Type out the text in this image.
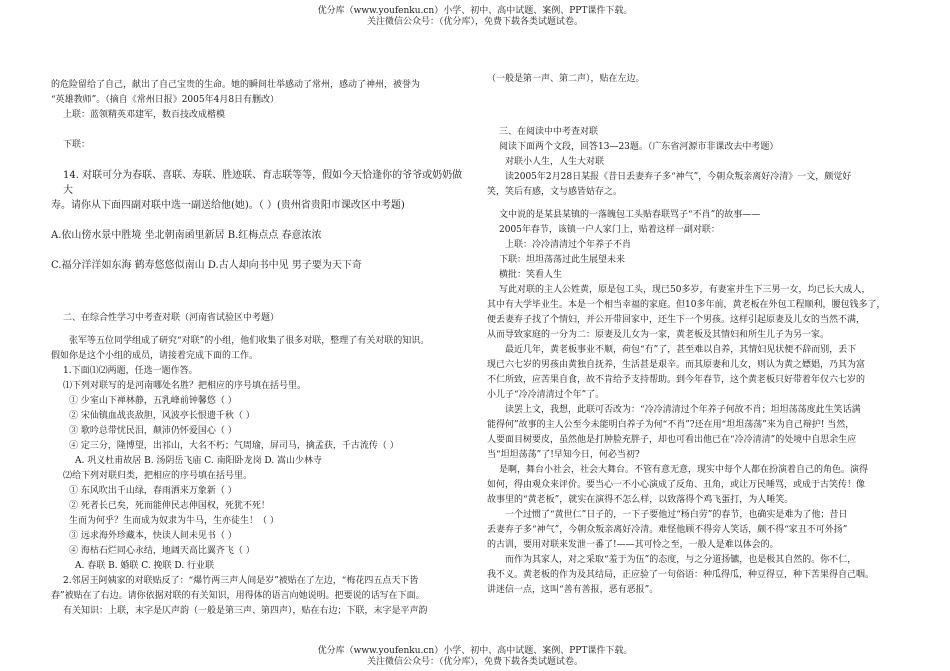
优分库（www.youfenku.cn）小学、初中、高中试题、案例、PPT课件下载。

关注微信公众号：（优分库），免费下载各类试题试卷。

的危险留给了自己，献出了自己宝贵的生命。她的瞬间壮举感动了常州，感动了神州，被誉为

“英雄教师”。（摘自《常州日报》2005年4月8日有删改）

上联：蓝领精英邓建军，数百技改成楷模

下联：

14. 对联可分为春联、喜联、寿联、胜迹联、育志联等等，假如今天恰逢你的爷爷或奶奶做大

寿。请你从下面四副对联中选一副送给他(她)。（ ）(贵州省贵阳市课改区中考题)

A.依山傍水景中胜境 坐北朝南函里新居 B.红梅点点 春意浓浓

C.福分洋洋如东海 鹤寿悠悠似南山 D.古人却向书中见 男子要为天下奇

二、在综合性学习中考查对联（河南省试验区中考题）

张军等五位同学组成了研究“对联”的小组，他们收集了很多对联，整理了有关对联的知识。

假如你是这个小组的成员，请接着完成下面的工作。

1.下面⑴⑵两题，任选一题作答。

⑴下列对联写的是河南哪处名胜？把相应的序号填在括号里。

① 少室山下禅林静，五乳峰前钟馨悠（ ）

② 宋仙镇血战丧敌胆，风波亭长恨遗千秋（ ）

③ 歌吟总带忧民泪，颠沛仍怀爱国心（ ）

④ 定三分，隆博望，出祁山，大名不朽；气周瑜，屏司马，擒孟获，千古流传（ ）

A. 巩义杜甫故居 B. 汤阴岳飞庙 C. 南阳卧龙岗 D. 嵩山少林寺

⑵给下列对联归类，把相应的序号填在括号里。

① 东风吹出千山绿，春雨洒来万象新（ ）

② 死者长已矣，死而能伸民志伸国权，死犹不死！

生而为何乎？生而成为奴隶为牛马，生亦徒生！（ ）

③ 远求海外珍藏本，快读人间未见书（ ）

④ 海枯石烂同心永结，地阔天高比翼齐飞（ ）

A. 春联 B. 婚联 C. 挽联 D. 行业联

2.邻居王阿姨家的对联贴反了：“爆竹两三声人间是岁”被贴在了左边，“梅花四五点天下皆

春”被贴在了右边。请你依据对联的有关知识，用得体的语言向她说明。把要说的话写在下面。

有关知识：上联，末字是仄声韵（一般是第三声、第四声），贴在右边；下联，末字是平声韵

（一般是第一声、第二声），贴在左边。

三、在阅读中中考查对联

阅读下面两个文段，回答13—23题。（广东省河源市非课改去中考题）

对联小人生，人生大对联

读2005年2月28日某报《昔日丢妻弃子多“神气”，今朝众叛亲离好冷清》一文，颇觉好

笑，笑后有感，文与感皆姑存之。

文中说的是某县某镇的一落魄包工头贴春联骂子“不肖”的故事——

2005年春节，该镇一户人家门上，贴着这样一副对联：

上联：冷冷清清过个年养子不肖

下联：坦坦荡荡过此生展望未来

横批：笑看人生

写此对联的主人公姓黄，原是包工头，现已50多岁，有妻室并生下三男一女，均已长大成人，

其中有大学毕业生。本是一个相当幸福的家庭。但10多年前，黄老板在外包工程顺利，腰包钱多了，

便丢妻弃子找了个情妇，并公开带回家中，还生下一个男孩。这样引起原妻及儿女的当然不满，

从而导致家庭的一分为二：原妻及儿女为一家，黄老板及其情妇和所生儿子为另一家。

最近几年，黄老板事业不顺，荷包“冇”了，甚至难以自养，其情妇见状便不辞而别，丢下

现已六七岁的男孩由黄独自抚养，生活甚是艰辛。而其原妻和儿女，则认为黄之嫖娼，乃其为富

不仁所致，应苦果自食，故不肯给予支持帮助。到今年春节，这个黄老板只好带着年仅六七岁的

小儿子“冷冷清清过个年”了。

读罢上文，我想，此联可否改为：“冷冷清清过个年养子何故不肖；坦坦荡荡度此生笑话满

能得何”故事的主人公至今未能明白养子为何“不肖”?还在用“坦坦荡荡”来为自己辩护! 当然，

人要面目树要皮，虽然他是打肿脸充胖子，却也可看出他已在“冷冷清清”的处境中自思余生应

当“坦坦荡荡”了!早知今日，何必当初?

是啊，舞台小社会，社会大舞台。不管有意无意，现实中每个人都在扮演着自己的角色。演得

如何，得由观众来评价。要当心一不小心演成了反角、丑角，或让万民唾骂，或成于古笑传！像

故事里的“黄老板”，就实在演得不怎么样，以致落得个鸡飞蛋打，为人唾笑。

一个过惯了“黄世仁”日子的，一下子要他过“杨白劳”的春节，也确实是难为了他；昔日

丢妻弃子多“神气”，今朝众叛亲离好冷清。难怪他顾不得旁人笑话，颇不得“家丑不可外扬”

的古训，要用对联来发泄一番了!——其可怜之至，一般人是难以体会的。

而作为其家人，对之采取“羞于为伍”的态度，与之分道扬镳，也是极其自然的。你不仁，

我不义。黄老板的作为及其结局，正应验了一句俗语：种瓜得瓜，种豆得豆，种下苦果得自己咽。

讲迷信一点，这叫“善有善报，恶有恶报”。

优分库（www.youfenku.cn）小学、初中、高中试题、案例、PPT课件下载。

关注微信公众号：（优分库），免费下载各类试题试卷。
